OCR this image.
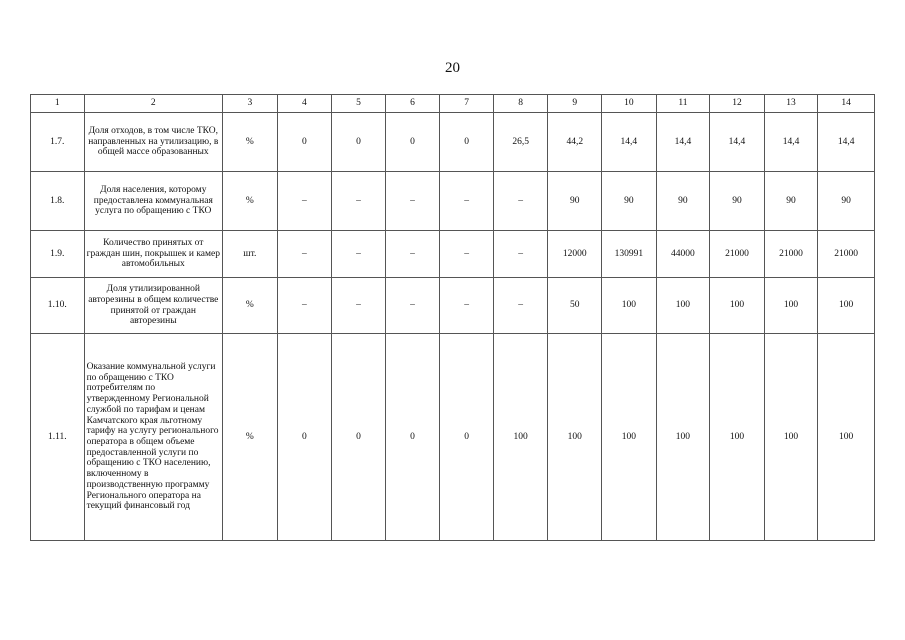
20
1	2	3	4	5	6	7	8	9	10	11	12	13	14
1.7.	Доля отходов, в том числе ТКО, направленных на утилизацию, в общей массе образованных	%	0	0	0	0	26,5	44,2	14,4	14,4	14,4	14,4	14,4
1.8.	Доля населения, которому предоставлена коммунальная услуга по обращению с ТКО	%	–	–	–	–	–	90	90	90	90	90	90
1.9.	Количество принятых от граждан шин, покрышек и камер автомобильных	шт.	–	–	–	–	–	12000	130991	44000	21000	21000	21000
1.10.	Доля утилизированной авторезины в общем количестве принятой от граждан авторезины	%	–	–	–	–	–	50	100	100	100	100	100
1.11.	Оказание коммунальной услуги по обращению с ТКО потребителям по утвержденному Региональной службой по тарифам и ценам Камчатского края льготному тарифу на услугу регионального оператора в общем объеме предоставленной услуги по обращению с ТКО населению, включенному в производственную программу Регионального оператора на текущий финансовый год	%	0	0	0	0	100	100	100	100	100	100	100
